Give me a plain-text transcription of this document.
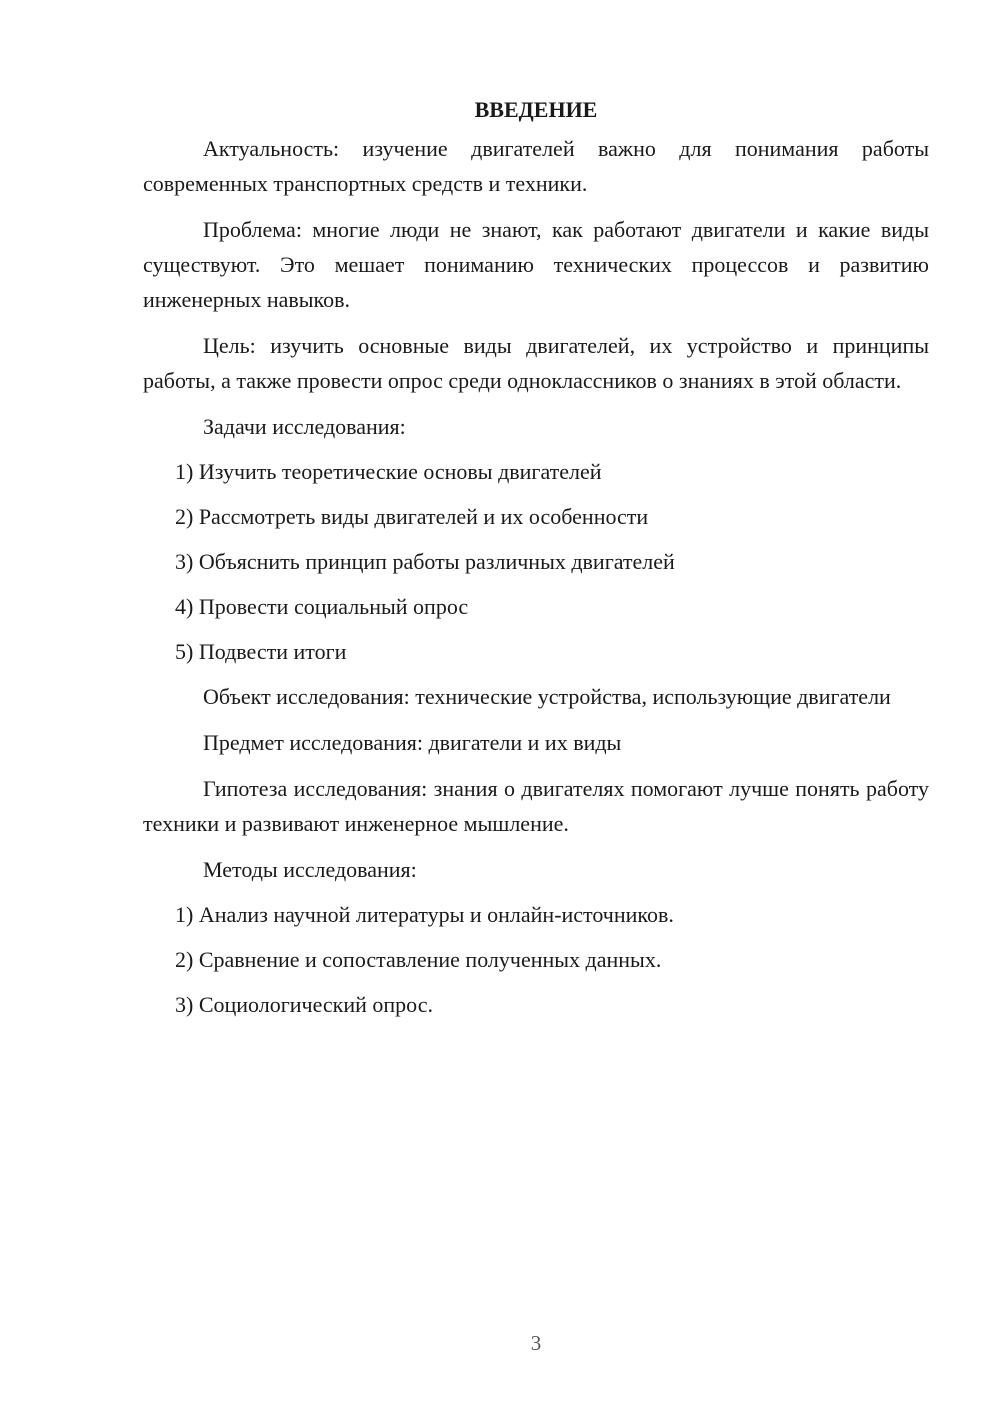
ВВЕДЕНИЕ

Актуальность: изучение двигателей важно для понимания работы современных транспортных средств и техники.

Проблема: многие люди не знают, как работают двигатели и какие виды существуют. Это мешает пониманию технических процессов и развитию инженерных навыков.

Цель: изучить основные виды двигателей, их устройство и принципы работы, а также провести опрос среди одноклассников о знаниях в этой области.

Задачи исследования:

1) Изучить теоретические основы двигателей
2) Рассмотреть виды двигателей и их особенности
3) Объяснить принцип работы различных двигателей
4) Провести социальный опрос
5) Подвести итоги

Объект исследования: технические устройства, использующие двигатели

Предмет исследования: двигатели и их виды

Гипотеза исследования: знания о двигателях помогают лучше понять работу техники и развивают инженерное мышление.

Методы исследования:

1) Анализ научной литературы и онлайн-источников.
2) Сравнение и сопоставление полученных данных.
3) Социологический опрос.
3
